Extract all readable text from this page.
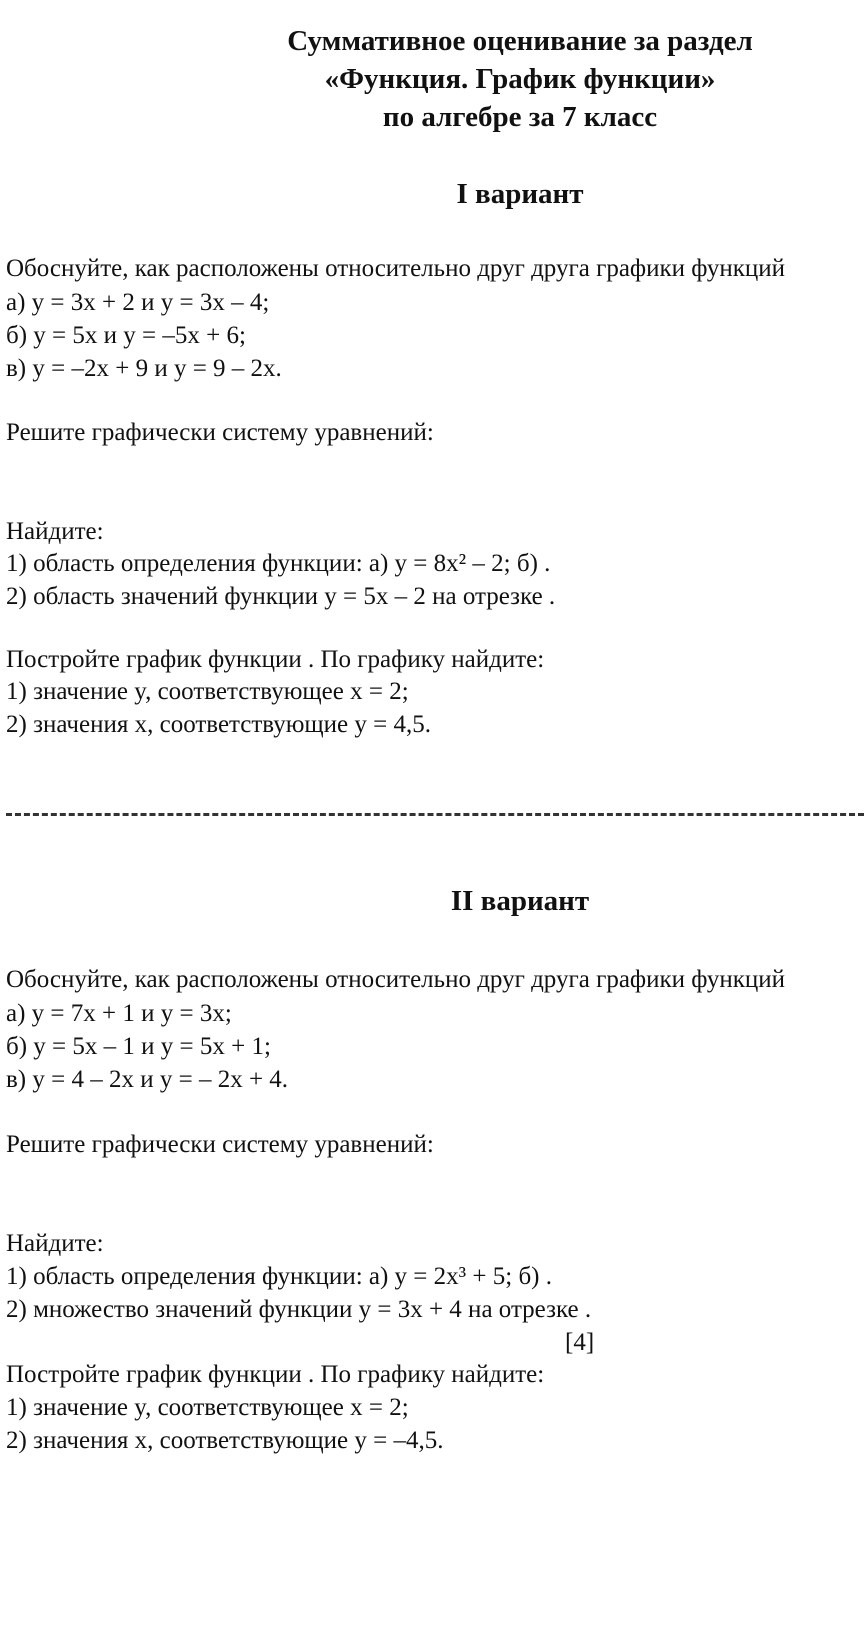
Суммативное оценивание за раздел
«Функция. График функции»
по алгебре за 7 класс
I вариант
Обоснуйте, как расположены относительно друг друга графики функций
а) y = 3x + 2 и y = 3x – 4;
б) y = 5x и y = –5x + 6;
в) y = –2x + 9 и y = 9 – 2x.
Решите графически систему уравнений:
Найдите:
1) область определения функции: а) y = 8x² – 2; б) .
2) область значений функции y = 5x – 2 на отрезке .
Постройте график функции . По графику найдите:
1) значение y, соответствующее x = 2;
2) значения x, соответствующие y = 4,5.
II вариант
Обоснуйте, как расположены относительно друг друга графики функций
а) y = 7x + 1 и y = 3x;
б) y = 5x – 1 и y = 5x + 1;
в) y = 4 – 2x и y = – 2x + 4.
Решите графически систему уравнений:
Найдите:
1) область определения функции: а) y = 2x³ + 5; б) .
2) множество значений функции y = 3x + 4 на отрезке .
[4]
Постройте график функции . По графику найдите:
1) значение y, соответствующее x = 2;
2) значения x, соответствующие y = –4,5.
